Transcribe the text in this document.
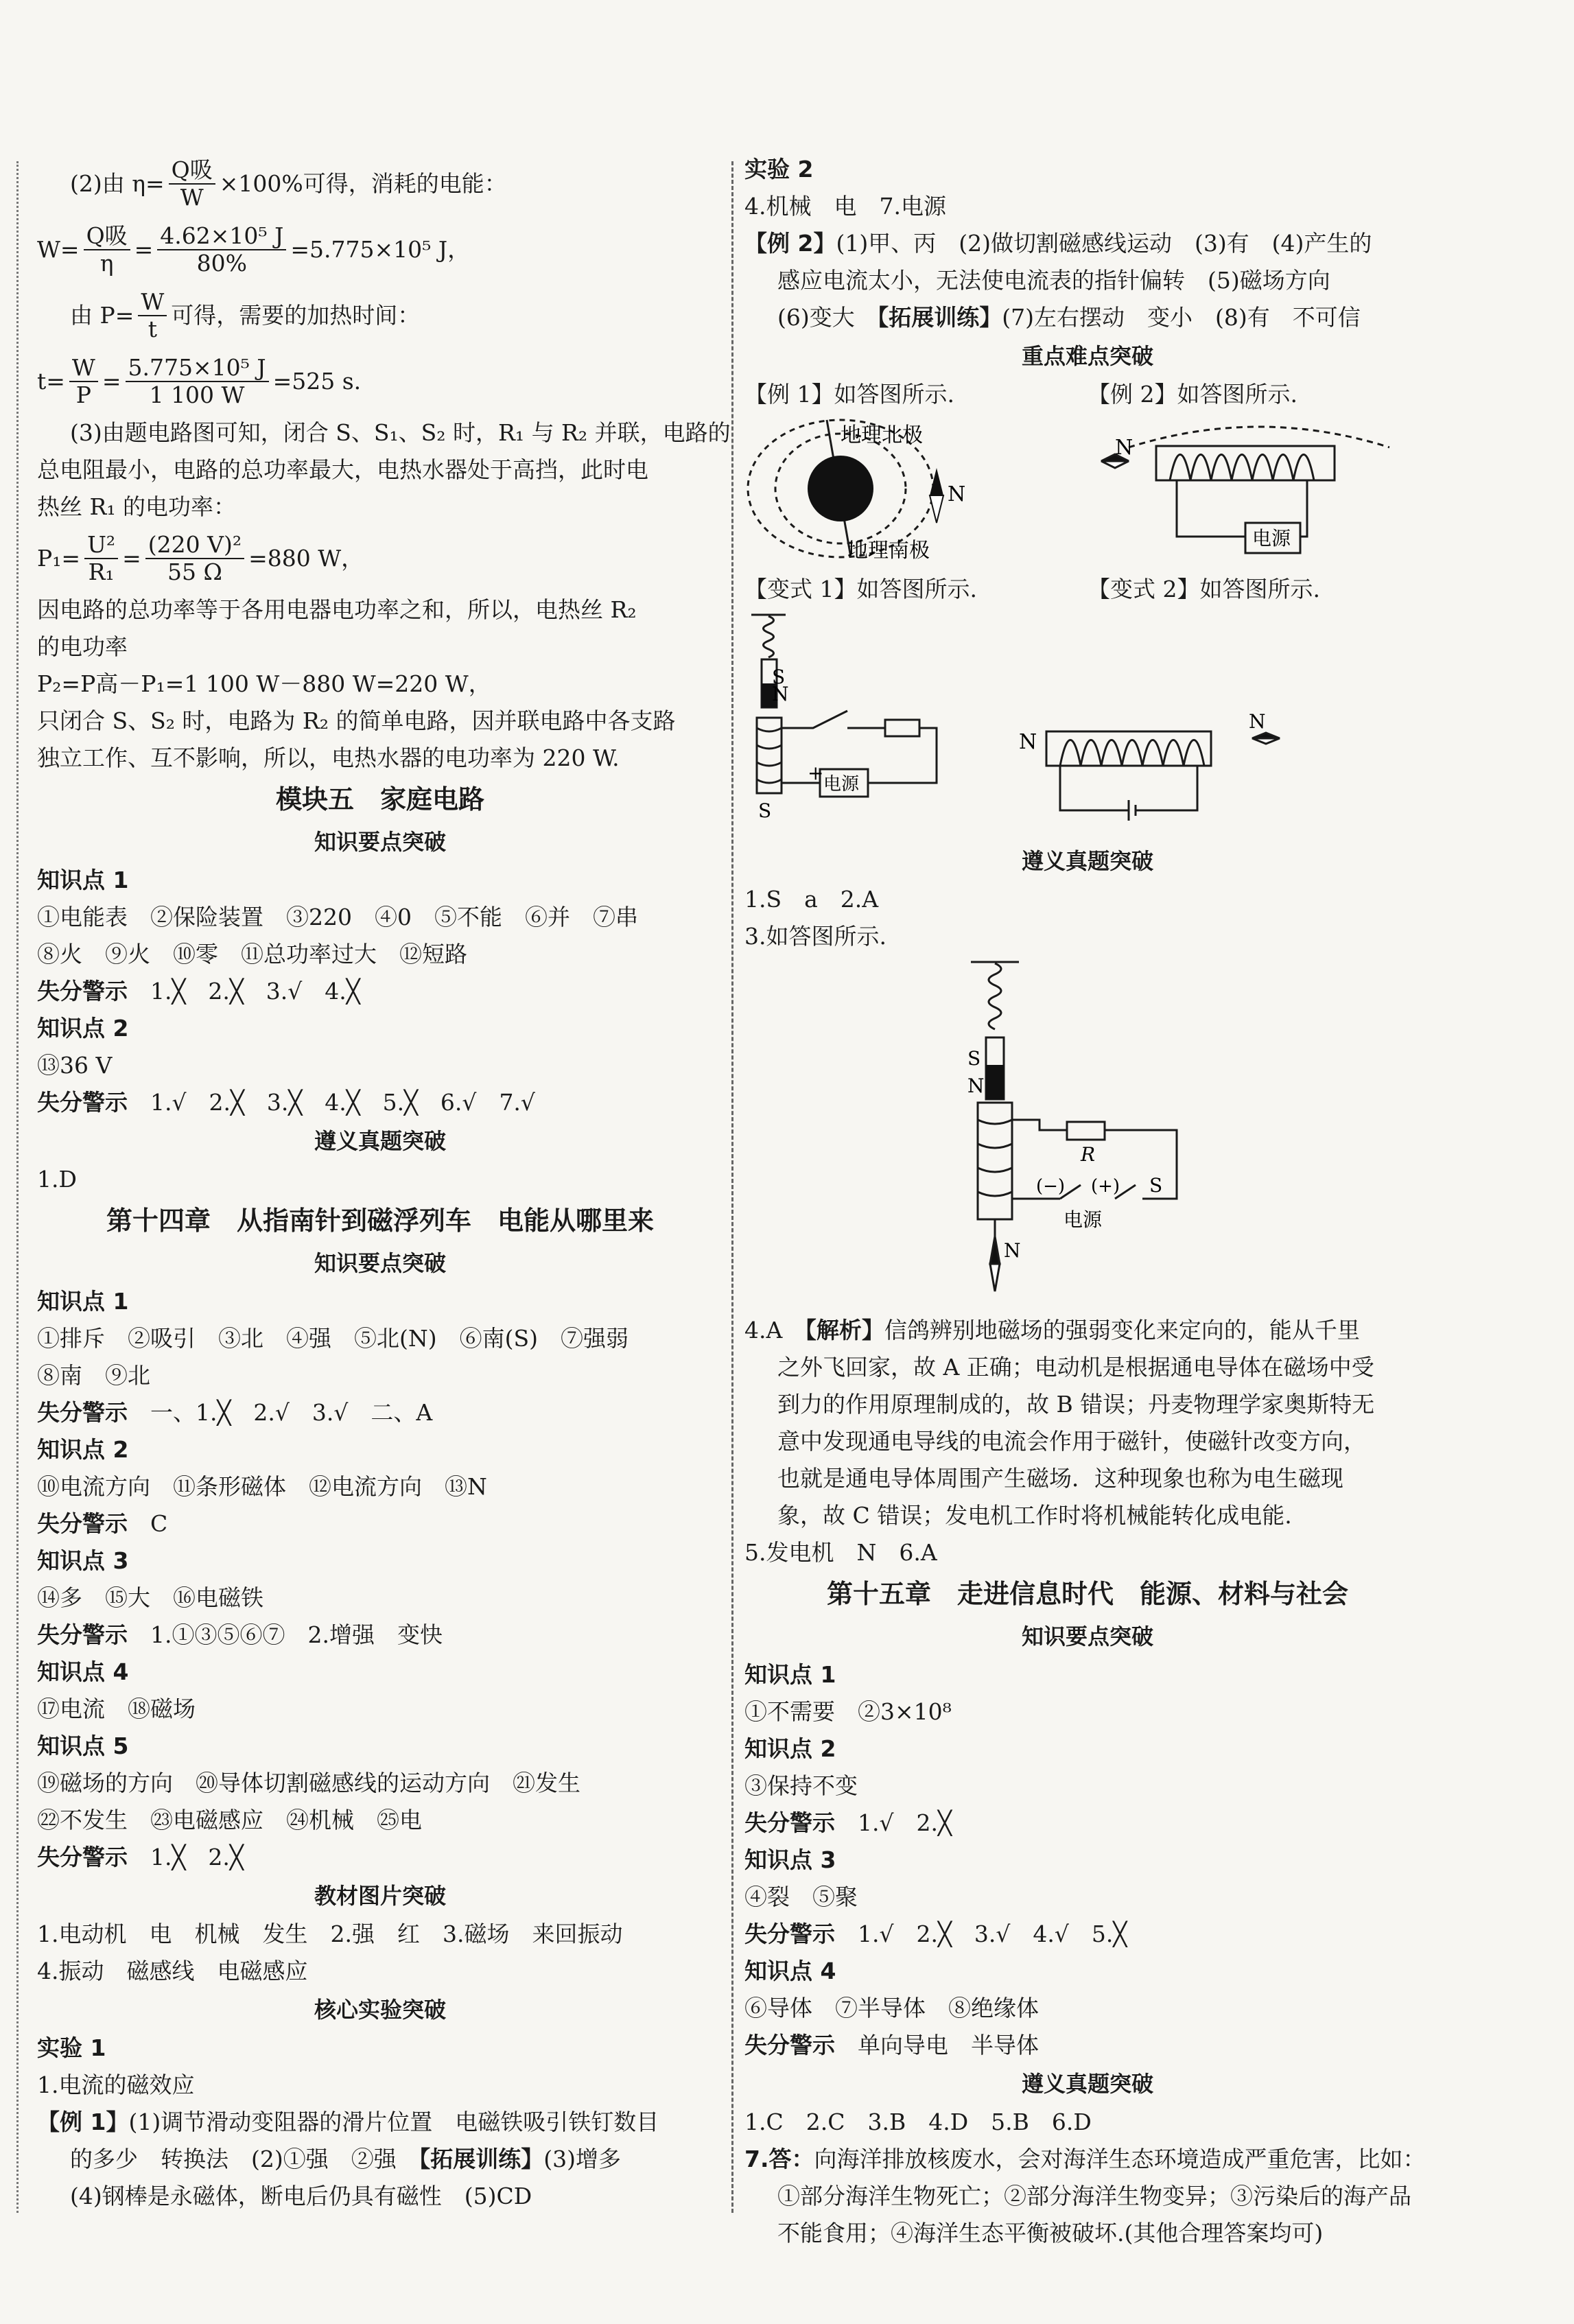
(2)由 $\eta= \frac{\text{Q吸}}{W} \times 100\%$可得，消耗的电能：
$W= \frac{\text{Q吸}}{\eta} = \frac{\text{4.62×10⁵ J}}{80\%} =5.775\times 10^5$ J，
由 $P= \frac{W}{t}$ 可得，需要的加热时间：
$t= \frac{W}{P} = \frac{\text{5.775×10⁵ J}}{1 100 W} =525$ s.
(3)由题电路图可知，闭合 S、S₁、S₂ 时，R₁ 与 R₂ 并联，电路的
总电阻最小，电路的总功率最大，电热水器处于高挡，此时电
热丝 R₁ 的电功率：
$P_1= \frac{\text{U²}}{\text{R₁}} = \frac{\text{(220 V)²}}{55 \Omega} =880$ W，
因电路的总功率等于各用电器电功率之和，所以，电热丝 R₂
的电功率
P₂=P高－P₁=1 100 W－880 W=220 W，
只闭合 S、S₂ 时，电路为 R₂ 的简单电路，因并联电路中各支路
独立工作、互不影响，所以，电热水器的电功率为 220 W.
模块五　家庭电路
知识要点突破
知识点 1
①电能表　②保险装置　③220　④0　⑤不能　⑥并　⑦串
⑧火　⑨火　⑩零　⑪总功率过大　⑫短路
失分警示　 1.╳　2.╳　3.√　4.╳
知识点 2
⑬36 V
失分警示　 1.√　2.╳　3.╳　4.╳　5.╳　6.√　7.√
遵义真题突破
1.D
第十四章　从指南针到磁浮列车　电能从哪里来
知识要点突破
知识点 1
①排斥　②吸引　③北　④强　⑤北(N)　⑥南(S)　⑦强弱
⑧南　⑨北
失分警示　 一、1.╳　2.√　3.√　二、A
知识点 2
⑩电流方向　⑪条形磁体　⑫电流方向　⑬N
失分警示　 C
知识点 3
⑭多　⑮大　⑯电磁铁
失分警示　 1.①③⑤⑥⑦　2.增强　变快
知识点 4
⑰电流　⑱磁场
知识点 5
⑲磁场的方向　⑳导体切割磁感线的运动方向　㉑发生
㉒不发生　㉓电磁感应　㉔机械　㉕电
失分警示　 1.╳　2.╳
教材图片突破
1.电动机　电　机械　发生　2.强　红　3.磁场　来回振动
4.振动　磁感线　电磁感应
核心实验突破
实验 1
1.电流的磁效应
【例 1】(1)调节滑动变阻器的滑片位置　电磁铁吸引铁钉数目
的多少　转换法　(2)①强　②强　【拓展训练】(3)增多
(4)钢棒是永磁体，断电后仍具有磁性　(5)CD
实验 2
4.机械　电　7.电源
【例 2】(1)甲、丙　(2)做切割磁感线运动　(3)有　(4)产生的
感应电流太小，无法使电流表的指针偏转　(5)磁场方向
(6)变大　【拓展训练】(7)左右摆动　变小　(8)有　不可信
重点难点突破
【例 1】如答图所示.	【例 2】如答图所示.
N
地理北极
地理南极
N
电源
【变式 1】如答图所示.	【变式 2】如答图所示.
S
N
S
+ 电源
N
N
遵义真题突破
1.S　a　2.A
3.如答图所示.
S
N
R
(−) (+) S
电源
N
4.A　 【解析】信鸽辨别地磁场的强弱变化来定向的，能从千里
之外飞回家，故 A 正确；电动机是根据通电导体在磁场中受
到力的作用原理制成的，故 B 错误；丹麦物理学家奥斯特无
意中发现通电导线的电流会作用于磁针，使磁针改变方向，
也就是通电导体周围产生磁场．这种现象也称为电生磁现
象，故 C 错误；发电机工作时将机械能转化成电能.
5.发电机　N　6.A
第十五章　走进信息时代　能源、材料与社会
知识要点突破
知识点 1
①不需要　②3×10⁸
知识点 2
③保持不变
失分警示　 1.√　2.╳
知识点 3
④裂　⑤聚
失分警示　 1.√　2.╳　3.√　4.√　5.╳
知识点 4
⑥导体　⑦半导体　⑧绝缘体
失分警示　 单向导电　半导体
遵义真题突破
1.C　2.C　3.B　4.D　5.B　6.D
7.答：向海洋排放核废水，会对海洋生态环境造成严重危害，比如：
①部分海洋生物死亡；②部分海洋生物变异；③污染后的海产品
不能食用；④海洋生态平衡被破坏.(其他合理答案均可)
